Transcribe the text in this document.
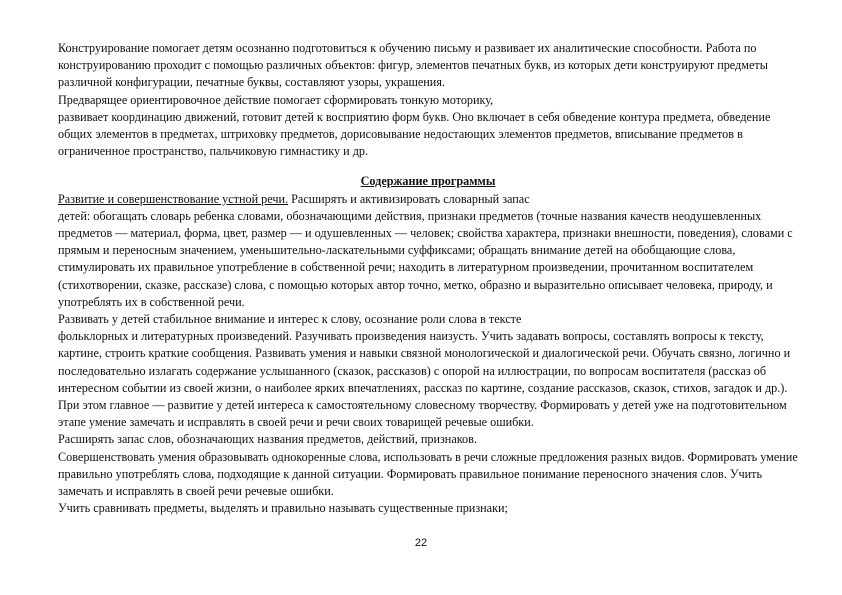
Конструирование помогает детям осознанно подготовиться к обучению письму и развивает их аналитические способности. Работа по конструированию проходит с помощью различных объектов: фигур, элементов печатных букв, из которых дети конструируют предметы различной конфигурации, печатные буквы, составляют узоры, украшения.

Предварящее ориентировочное действие помогает сформировать тонкую моторику,

развивает координацию движений, готовит детей к восприятию форм букв. Оно включает в себя обведение контура предмета, обведение общих элементов в предметах, штриховку предметов, дорисовывание недостающих элементов предметов, вписывание предметов в ограниченное пространство, пальчиковую гимнастику и др.

Содержание программы

Развитие и совершенствование устной речи. Расширять и активизировать словарный запас

детей: обогащать словарь ребенка словами, обозначающими действия, признаки предметов (точные названия качеств неодушевленных предметов — материал, форма, цвет, размер — и одушевленных — человек; свойства характера, признаки внешности, поведения), словами с прямым и переносным значением, уменьшительно-ласкательными суффиксами; обращать внимание детей на обобщающие слова, стимулировать их правильное употребление в собственной речи; находить в литературном произведении, прочитанном воспитателем (стихотворении, сказке, рассказе) слова, с помощью которых автор точно, метко, образно и выразительно описывает человека, природу, и употреблять их в собственной речи.

Развивать у детей стабильное внимание и интерес к слову, осознание роли слова в тексте

фольклорных и литературных произведений. Разучивать произведения наизусть. Учить задавать вопросы, составлять вопросы к тексту, картине, строить краткие сообщения. Развивать умения и навыки связной монологической и диалогической речи. Обучать связно, логично и последовательно излагать содержание услышанного (сказок, рассказов) с опорой на иллюстрации, по вопросам воспитателя (рассказ об интересном событии из своей жизни, о наиболее ярких впечатлениях, рассказ по картине, создание рассказов, сказок, стихов, загадок и др.). При этом главное — развитие у детей интереса к самостоятельному словесному творчеству. Формировать у детей уже на подготовительном этапе умение замечать и исправлять в своей речи и речи своих товарищей речевые ошибки.

Расширять запас слов, обозначающих названия предметов, действий, признаков.

Совершенствовать умения образовывать однокоренные слова, использовать в речи сложные предложения разных видов. Формировать умение правильно употреблять слова, подходящие к данной ситуации. Формировать правильное понимание переносного значения слов. Учить замечать и исправлять в своей речи речевые ошибки.

Учить сравнивать предметы, выделять и правильно называть существенные признаки;

22
